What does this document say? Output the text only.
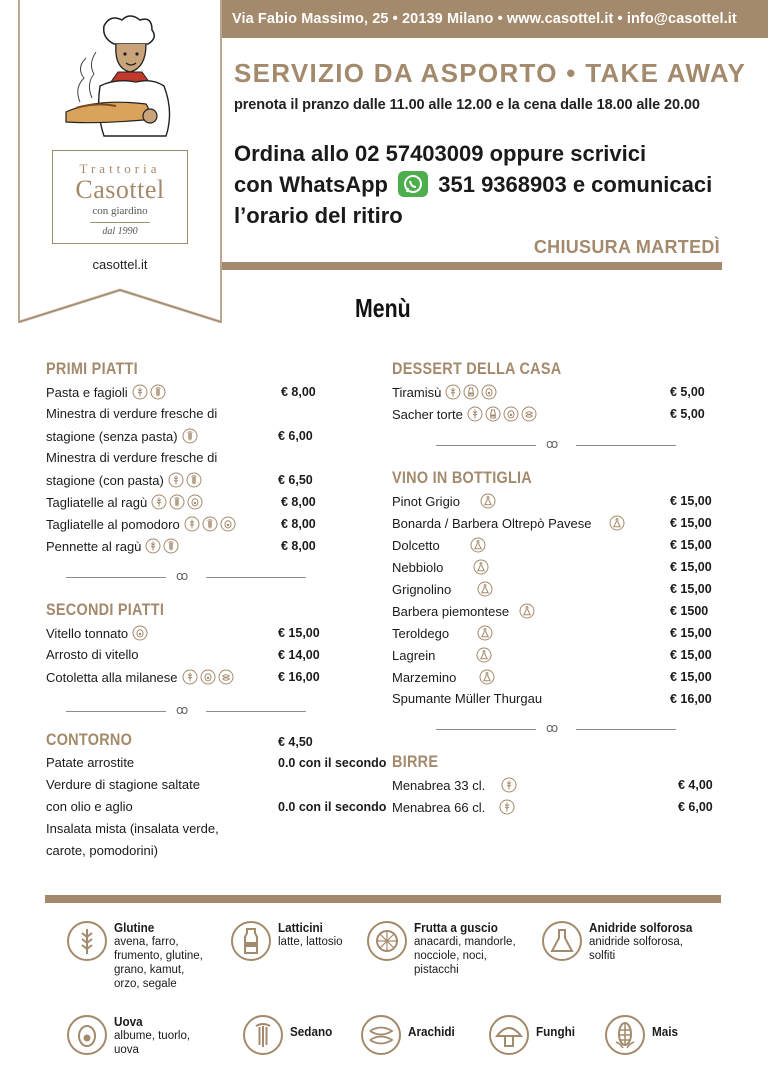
Via Fabio Massimo, 25 • 20139 Milano • www.casottel.it • info@casottel.it
Trattoria
Casottel
con giardino
dal 1990
casottel.it
SERVIZIO DA ASPORTO • TAKE AWAY
prenota il pranzo dalle 11.00 alle 12.00 e la cena dalle 18.00 alle 20.00
Ordina allo 02 57403009 oppure scrivici
con WhatsApp 351 9368903 e comunicaci
l’orario del ritiro
CHIUSURA MARTEDÌ
Menù
PRIMI PIATTI
Pasta e fagioli	€ 8,00
Minestra di verdure fresche di
stagione (senza pasta)	€ 6,00
Minestra di verdure fresche di
stagione (con pasta)	€ 6,50
Tagliatelle al ragù	€ 8,00
Tagliatelle al pomodoro	€ 8,00
Pennette al ragù	€ 8,00
ꝏ
SECONDI PIATTI
Vitello tonnato	€ 15,00
Arrosto di vitello	€ 14,00
Cotoletta alla milanese	€ 16,00
ꝏ
CONTORNO	€ 4,50
Patate arrostite	0.0 con il secondo
Verdure di stagione saltate
con olio e aglio	0.0 con il secondo
Insalata mista (insalata verde,
carote, pomodorini)
DESSERT DELLA CASA
Tiramisù	€ 5,00
Sacher torte	€ 5,00
ꝏ
VINO IN BOTTIGLIA
Pinot Grigio	€ 15,00
Bonarda / Barbera Oltrepò Pavese	€ 15,00
Dolcetto	€ 15,00
Nebbiolo	€ 15,00
Grignolino	€ 15,00
Barbera piemontese	€ 1500
Teroldego	€ 15,00
Lagrein	€ 15,00
Marzemino	€ 15,00
Spumante Müller Thurgau	€ 16,00
ꝏ
BIRRE
Menabrea 33 cl.	€ 4,00
Menabrea 66 cl.	€ 6,00
Glutine
avena, farro,
frumento, glutine,
grano, kamut,
orzo, segale
Latticini
latte, lattosio
Frutta a guscio
anacardi, mandorle,
nocciole, noci,
pistacchi
Anidride solforosa
anidride solforosa,
solfiti
Uova
albume, tuorlo,
uova
Sedano	Arachidi	Funghi	Mais
